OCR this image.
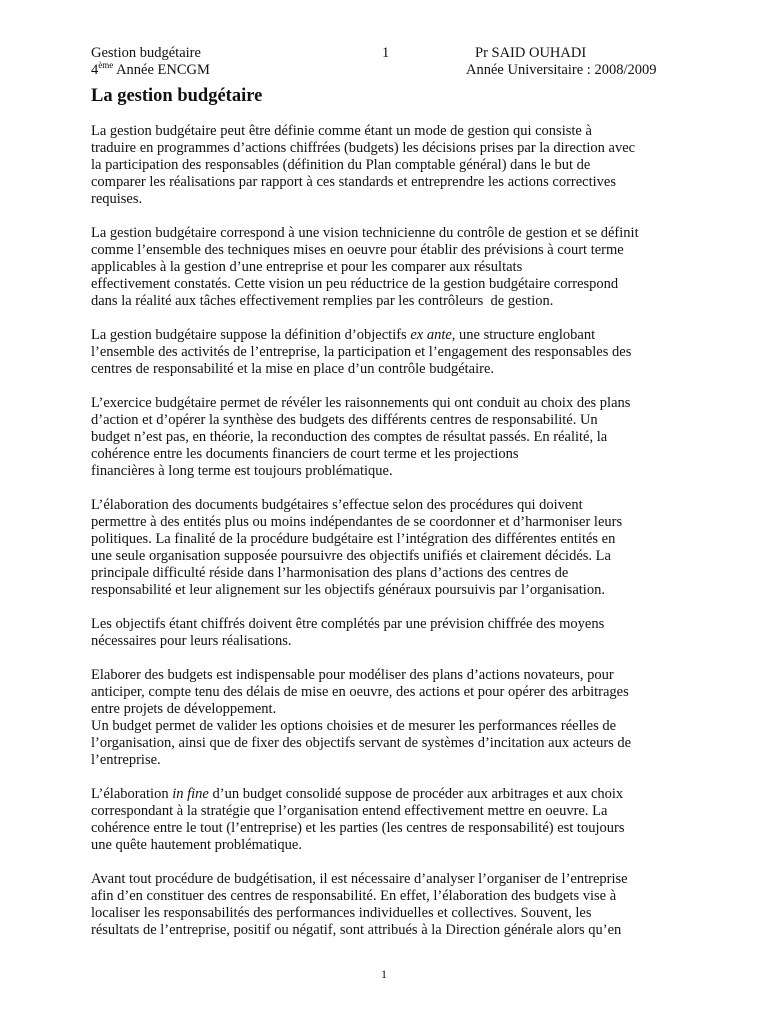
Gestion budgétaire	1	Pr SAID OUHADI
4ème Année ENCGM	Année Universitaire : 2008/2009
La gestion budgétaire

La gestion budgétaire peut être définie comme étant un mode de gestion qui consiste à
traduire en programmes d’actions chiffrées (budgets) les décisions prises par la direction avec
la participation des responsables (définition du Plan comptable général) dans le but de
comparer les réalisations par rapport à ces standards et entreprendre les actions correctives
requises.

La gestion budgétaire correspond à une vision technicienne du contrôle de gestion et se définit
comme l’ensemble des techniques mises en oeuvre pour établir des prévisions à court terme
applicables à la gestion d’une entreprise et pour les comparer aux résultats
effectivement constatés. Cette vision un peu réductrice de la gestion budgétaire correspond
dans la réalité aux tâches effectivement remplies par les contrôleurs  de gestion.

La gestion budgétaire suppose la définition d’objectifs ex ante, une structure englobant
l’ensemble des activités de l’entreprise, la participation et l’engagement des responsables des
centres de responsabilité et la mise en place d’un contrôle budgétaire.

L’exercice budgétaire permet de révéler les raisonnements qui ont conduit au choix des plans
d’action et d’opérer la synthèse des budgets des différents centres de responsabilité. Un
budget n’est pas, en théorie, la reconduction des comptes de résultat passés. En réalité, la
cohérence entre les documents financiers de court terme et les projections
financières à long terme est toujours problématique.

L’élaboration des documents budgétaires s’effectue selon des procédures qui doivent
permettre à des entités plus ou moins indépendantes de se coordonner et d’harmoniser leurs
politiques. La finalité de la procédure budgétaire est l’intégration des différentes entités en
une seule organisation supposée poursuivre des objectifs unifiés et clairement décidés. La
principale difficulté réside dans l’harmonisation des plans d’actions des centres de
responsabilité et leur alignement sur les objectifs généraux poursuivis par l’organisation.

Les objectifs étant chiffrés doivent être complétés par une prévision chiffrée des moyens
nécessaires pour leurs réalisations.

Elaborer des budgets est indispensable pour modéliser des plans d’actions novateurs, pour
anticiper, compte tenu des délais de mise en oeuvre, des actions et pour opérer des arbitrages
entre projets de développement.

Un budget permet de valider les options choisies et de mesurer les performances réelles de
l’organisation, ainsi que de fixer des objectifs servant de systèmes d’incitation aux acteurs de
l’entreprise.

L’élaboration in fine d’un budget consolidé suppose de procéder aux arbitrages et aux choix
correspondant à la stratégie que l’organisation entend effectivement mettre en oeuvre. La
cohérence entre le tout (l’entreprise) et les parties (les centres de responsabilité) est toujours
une quête hautement problématique.

Avant tout procédure de budgétisation, il est nécessaire d’analyser l’organiser de l’entreprise
afin d’en constituer des centres de responsabilité. En effet, l’élaboration des budgets vise à
localiser les responsabilités des performances individuelles et collectives. Souvent, les
résultats de l’entreprise, positif ou négatif, sont attribués à la Direction générale alors qu’en

1
